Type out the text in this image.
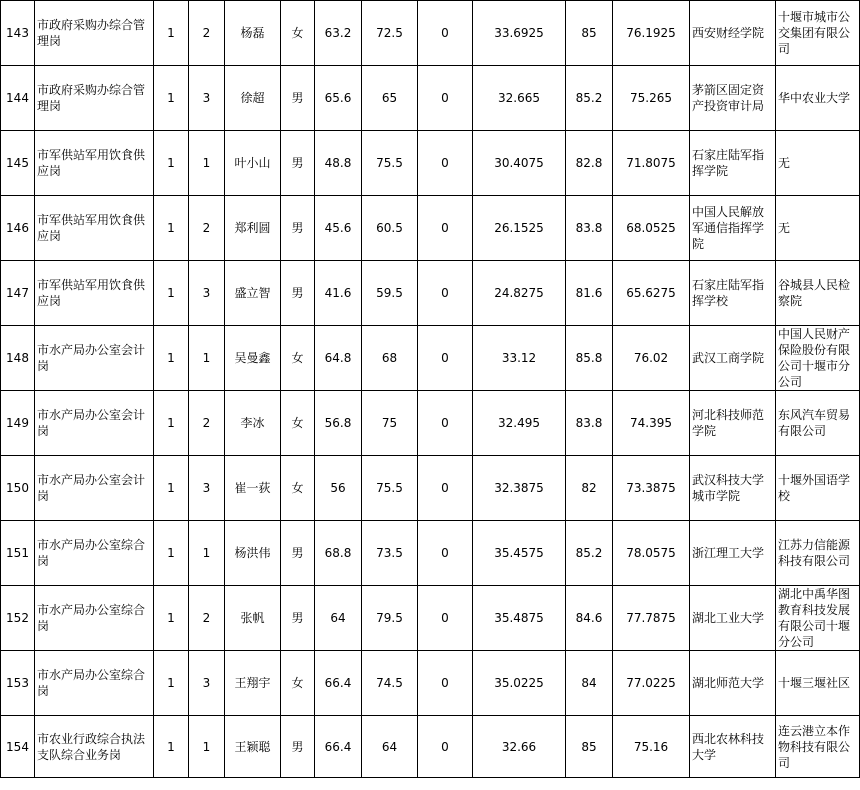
143	市政府采购办综合管理岗	1	2	杨磊	女	63.2	72.5	0	33.6925	85	76.1925	西安财经学院	十堰市城市公交集团有限公司
144	市政府采购办综合管理岗	1	3	徐超	男	65.6	65	0	32.665	85.2	75.265	茅箭区固定资产投资审计局	华中农业大学
145	市军供站军用饮食供应岗	1	1	叶小山	男	48.8	75.5	0	30.4075	82.8	71.8075	石家庄陆军指挥学院	无
146	市军供站军用饮食供应岗	1	2	郑利圆	男	45.6	60.5	0	26.1525	83.8	68.0525	中国人民解放军通信指挥学院	无
147	市军供站军用饮食供应岗	1	3	盛立智	男	41.6	59.5	0	24.8275	81.6	65.6275	石家庄陆军指挥学校	谷城县人民检察院
148	市水产局办公室会计岗	1	1	吴曼鑫	女	64.8	68	0	33.12	85.8	76.02	武汉工商学院	中国人民财产保险股份有限公司十堰市分公司
149	市水产局办公室会计岗	1	2	李冰	女	56.8	75	0	32.495	83.8	74.395	河北科技师范学院	东风汽车贸易有限公司
150	市水产局办公室会计岗	1	3	崔一荻	女	56	75.5	0	32.3875	82	73.3875	武汉科技大学城市学院	十堰外国语学校
151	市水产局办公室综合岗	1	1	杨洪伟	男	68.8	73.5	0	35.4575	85.2	78.0575	浙江理工大学	江苏力信能源科技有限公司
152	市水产局办公室综合岗	1	2	张帆	男	64	79.5	0	35.4875	84.6	77.7875	湖北工业大学	湖北中禹华图教育科技发展有限公司十堰分公司
153	市水产局办公室综合岗	1	3	王翔宇	女	66.4	74.5	0	35.0225	84	77.0225	湖北师范大学	十堰三堰社区
154	市农业行政综合执法支队综合业务岗	1	1	王颖聪	男	66.4	64	0	32.66	85	75.16	西北农林科技大学	连云港立本作物科技有限公司
